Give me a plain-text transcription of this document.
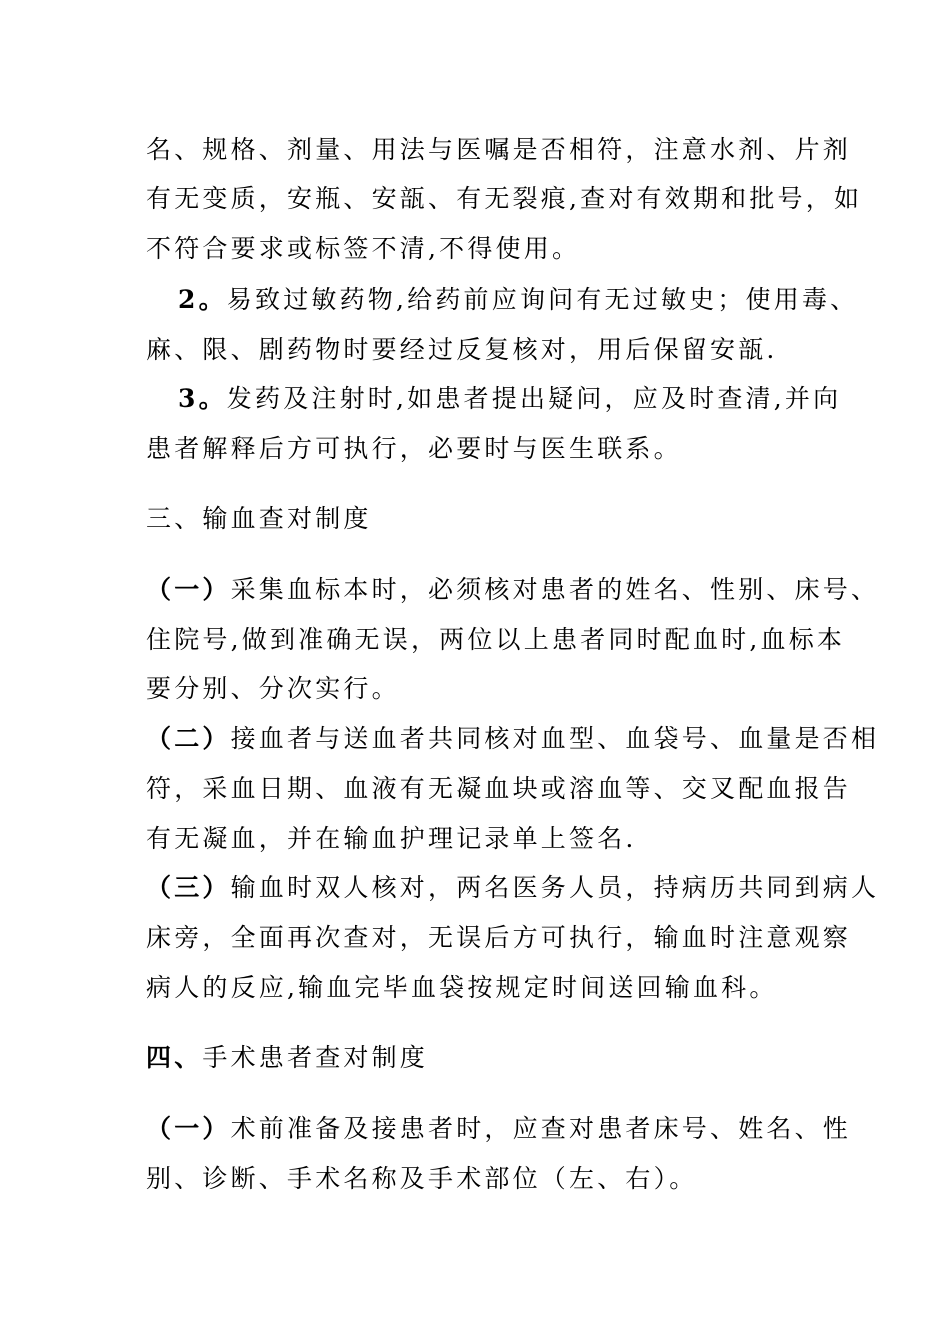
名、规格、剂量、用法与医嘱是否相符，注意水剂、片剂
有无变质，安瓶、安瓿、有无裂痕,查对有效期和批号，如
不符合要求或标签不清,不得使用。
2。易致过敏药物,给药前应询问有无过敏史；使用毒、
麻、限、剧药物时要经过反复核对，用后保留安瓿.
3。发药及注射时,如患者提出疑问，应及时查清,并向
患者解释后方可执行，必要时与医生联系。
三、输血查对制度
（一）采集血标本时，必须核对患者的姓名、性别、床号、
住院号,做到准确无误，两位以上患者同时配血时,血标本
要分别、分次实行。
（二）接血者与送血者共同核对血型、血袋号、血量是否相
符，采血日期、血液有无凝血块或溶血等、交叉配血报告
有无凝血，并在输血护理记录单上签名.
（三）输血时双人核对，两名医务人员，持病历共同到病人
床旁，全面再次查对，无误后方可执行，输血时注意观察
病人的反应,输血完毕血袋按规定时间送回输血科。
四、手术患者查对制度
（一）术前准备及接患者时，应查对患者床号、姓名、性
别、诊断、手术名称及手术部位（左、右）。
